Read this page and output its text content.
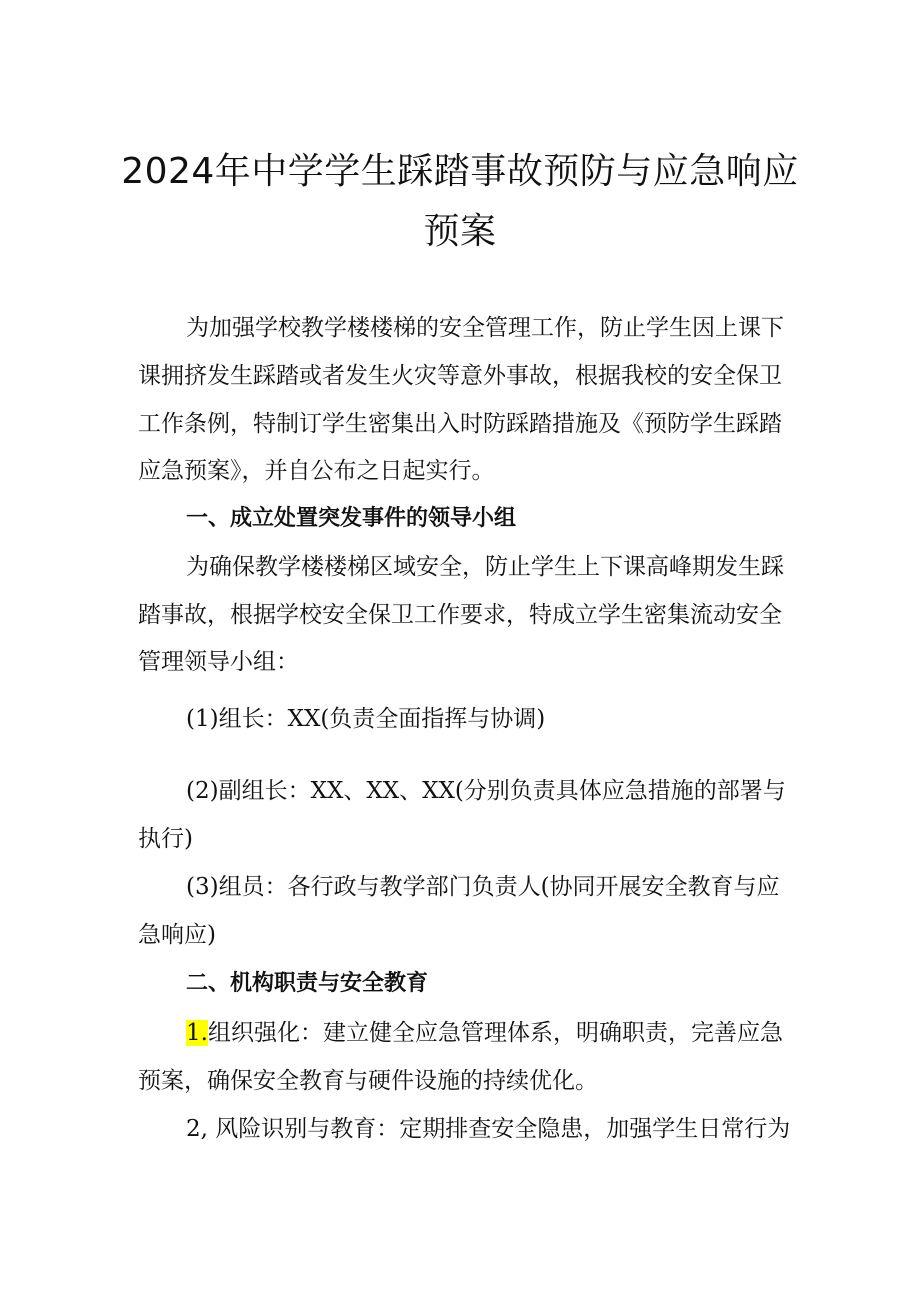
2024年中学学生踩踏事故预防与应急响应
预案
为加强学校教学楼楼梯的安全管理工作，防止学生因上课下
课拥挤发生踩踏或者发生火灾等意外事故，根据我校的安全保卫
工作条例，特制订学生密集出入时防踩踏措施及《预防学生踩踏
应急预案》，并自公布之日起实行。
一、成立处置突发事件的领导小组
为确保教学楼楼梯区域安全，防止学生上下课高峰期发生踩
踏事故，根据学校安全保卫工作要求，特成立学生密集流动安全
管理领导小组：
(1)组长：XX(负责全面指挥与协调)
(2)副组长：XX、XX、XX(分别负责具体应急措施的部署与
执行)
(3)组员：各行政与教学部门负责人(协同开展安全教育与应
急响应)
二、机构职责与安全教育
1.组织强化：建立健全应急管理体系，明确职责，完善应急
预案，确保安全教育与硬件设施的持续优化。
2, 风险识别与教育：定期排查安全隐患，加强学生日常行为
